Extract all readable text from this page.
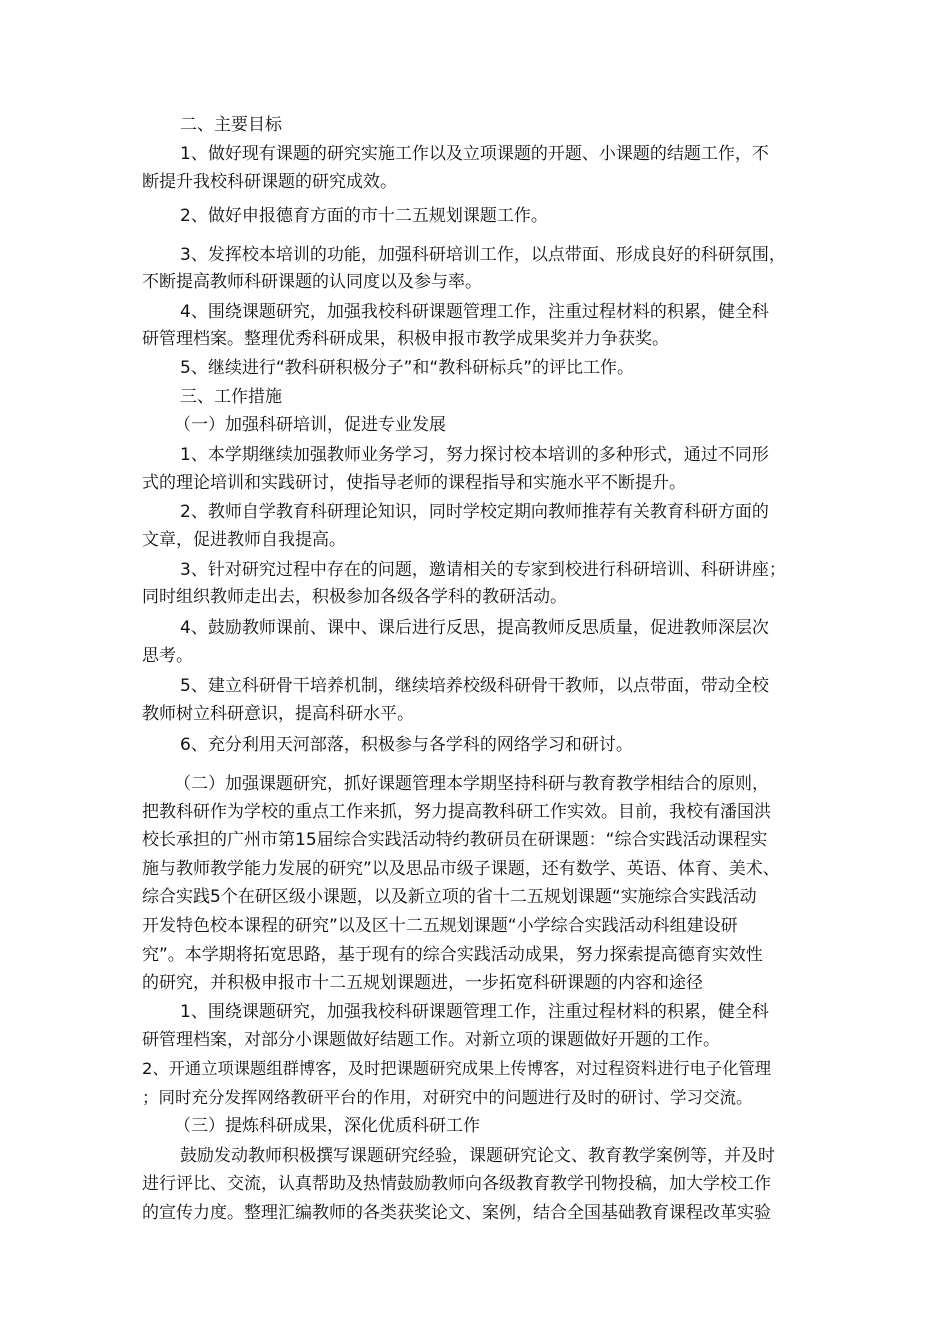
二、主要目标
1、做好现有课题的研究实施工作以及立项课题的开题、小课题的结题工作，不
断提升我校科研课题的研究成效。
2、做好申报德育方面的市十二五规划课题工作。
3、发挥校本培训的功能，加强科研培训工作，以点带面、形成良好的科研氛围，
不断提高教师科研课题的认同度以及参与率。
4、围绕课题研究，加强我校科研课题管理工作，注重过程材料的积累，健全科
研管理档案。整理优秀科研成果，积极申报市教学成果奖并力争获奖。
5、继续进行“教科研积极分子”和“教科研标兵”的评比工作。
三、工作措施
（一）加强科研培训，促进专业发展
1、本学期继续加强教师业务学习，努力探讨校本培训的多种形式，通过不同形
式的理论培训和实践研讨，使指导老师的课程指导和实施水平不断提升。
2、教师自学教育科研理论知识，同时学校定期向教师推荐有关教育科研方面的
文章，促进教师自我提高。
3、针对研究过程中存在的问题，邀请相关的专家到校进行科研培训、科研讲座；
同时组织教师走出去，积极参加各级各学科的教研活动。
4、鼓励教师课前、课中、课后进行反思，提高教师反思质量，促进教师深层次
思考。
5、建立科研骨干培养机制，继续培养校级科研骨干教师，以点带面，带动全校
教师树立科研意识，提高科研水平。
6、充分利用天河部落，积极参与各学科的网络学习和研讨。
（二）加强课题研究，抓好课题管理本学期坚持科研与教育教学相结合的原则，
把教科研作为学校的重点工作来抓，努力提高教科研工作实效。目前，我校有潘国洪
校长承担的广州市第15届综合实践活动特约教研员在研课题：“综合实践活动课程实
施与教师教学能力发展的研究”以及思品市级子课题，还有数学、英语、体育、美术、
综合实践5个在研区级小课题，以及新立项的省十二五规划课题“实施综合实践活动
开发特色校本课程的研究”以及区十二五规划课题“小学综合实践活动科组建设研
究”。本学期将拓宽思路，基于现有的综合实践活动成果，努力探索提高德育实效性
的研究，并积极申报市十二五规划课题进，一步拓宽科研课题的内容和途径
1、围绕课题研究，加强我校科研课题管理工作，注重过程材料的积累，健全科
研管理档案，对部分小课题做好结题工作。对新立项的课题做好开题的工作。
2、开通立项课题组群博客，及时把课题研究成果上传博客，对过程资料进行电子化管理
；同时充分发挥网络教研平台的作用，对研究中的问题进行及时的研讨、学习交流。
（三）提炼科研成果，深化优质科研工作
鼓励发动教师积极撰写课题研究经验，课题研究论文、教育教学案例等，并及时
进行评比、交流，认真帮助及热情鼓励教师向各级教育教学刊物投稿，加大学校工作
的宣传力度。整理汇编教师的各类获奖论文、案例，结合全国基础教育课程改革实验
